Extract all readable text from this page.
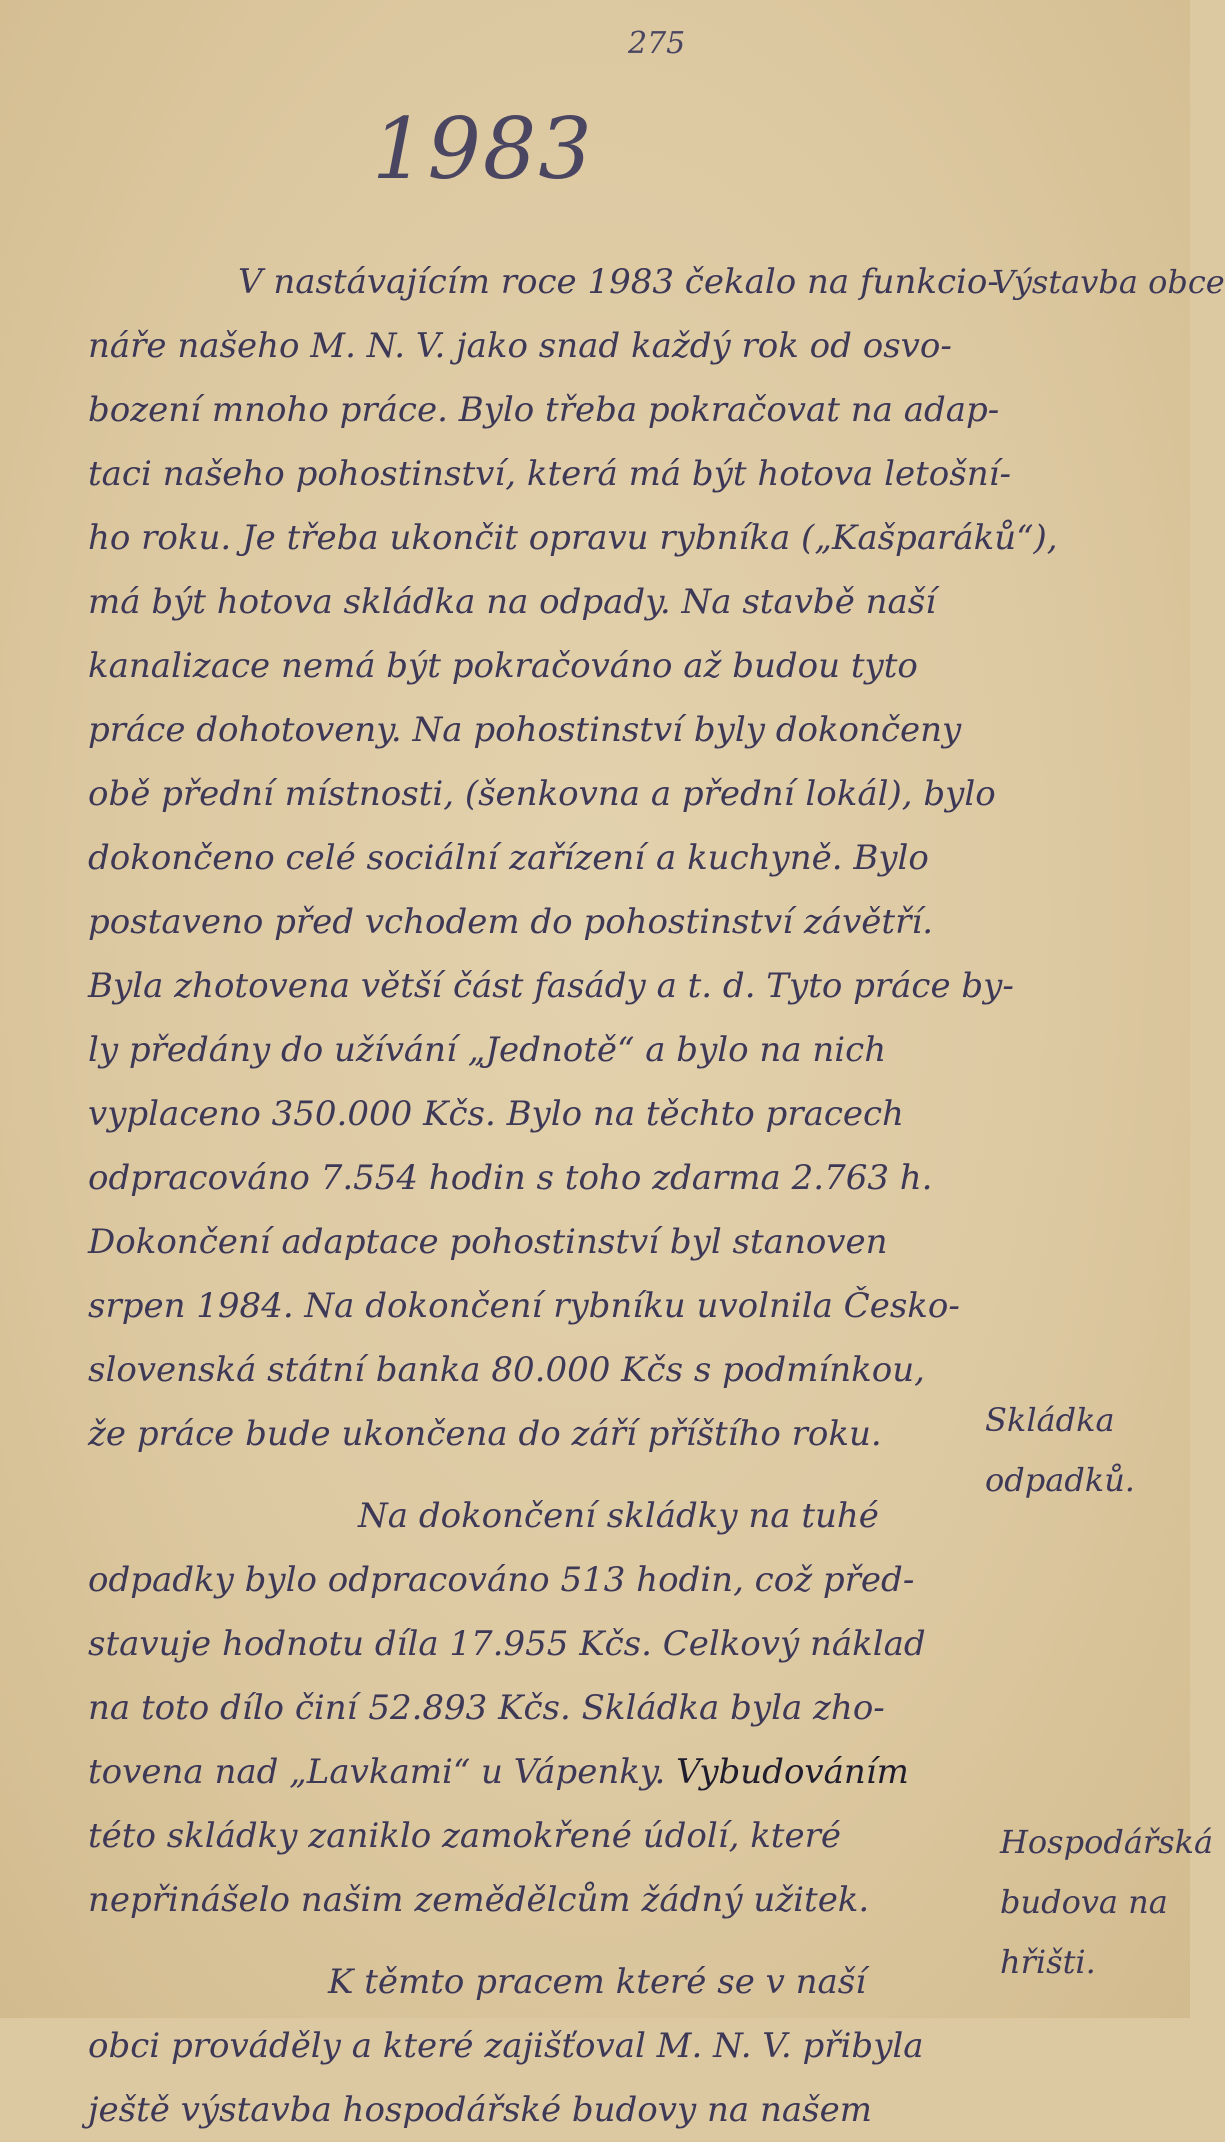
275
1983
Výstavba obce
Skládka
odpadků.
Hospodářská
budova na
hřišti.
V nastávajícím roce 1983 čekalo na funkcio-
náře našeho M. N. V. jako snad každý rok od osvo-
bození mnoho práce. Bylo třeba pokračovat na adap-
taci našeho pohostinství, která má být hotova letošní-
ho roku. Je třeba ukončit opravu rybníka („Kašparáků“),
má být hotova skládka na odpady. Na stavbě naší
kanalizace nemá být pokračováno až budou tyto
práce dohotoveny. Na pohostinství byly dokončeny
obě přední místnosti, (šenkovna a přední lokál), bylo
dokončeno celé sociální zařízení a kuchyně. Bylo
postaveno před vchodem do pohostinství závětří.
Byla zhotovena větší část fasády a t. d. Tyto práce by-
ly předány do užívání „Jednotě“ a bylo na nich
vyplaceno 350.000 Kčs. Bylo na těchto pracech
odpracováno 7.554 hodin s toho zdarma 2.763 h.
Dokončení adaptace pohostinství byl stanoven
srpen 1984. Na dokončení rybníku uvolnila Česko-
slovenská státní banka 80.000 Kčs s podmínkou,
že práce bude ukončena do září příštího roku.
Na dokončení skládky na tuhé
odpadky bylo odpracováno 513 hodin, což před-
stavuje hodnotu díla 17.955 Kčs. Celkový náklad
na toto dílo činí 52.893 Kčs. Skládka byla zho-
tovena nad „Lavkami“ u Vápenky. Vybudováním
této skládky zaniklo zamokřené údolí, které
nepřinášelo našim zemědělcům žádný užitek.
K těmto pracem které se v naší
obci prováděly a které zajišťoval M. N. V. přibyla
ještě výstavba hospodářské budovy na našem
